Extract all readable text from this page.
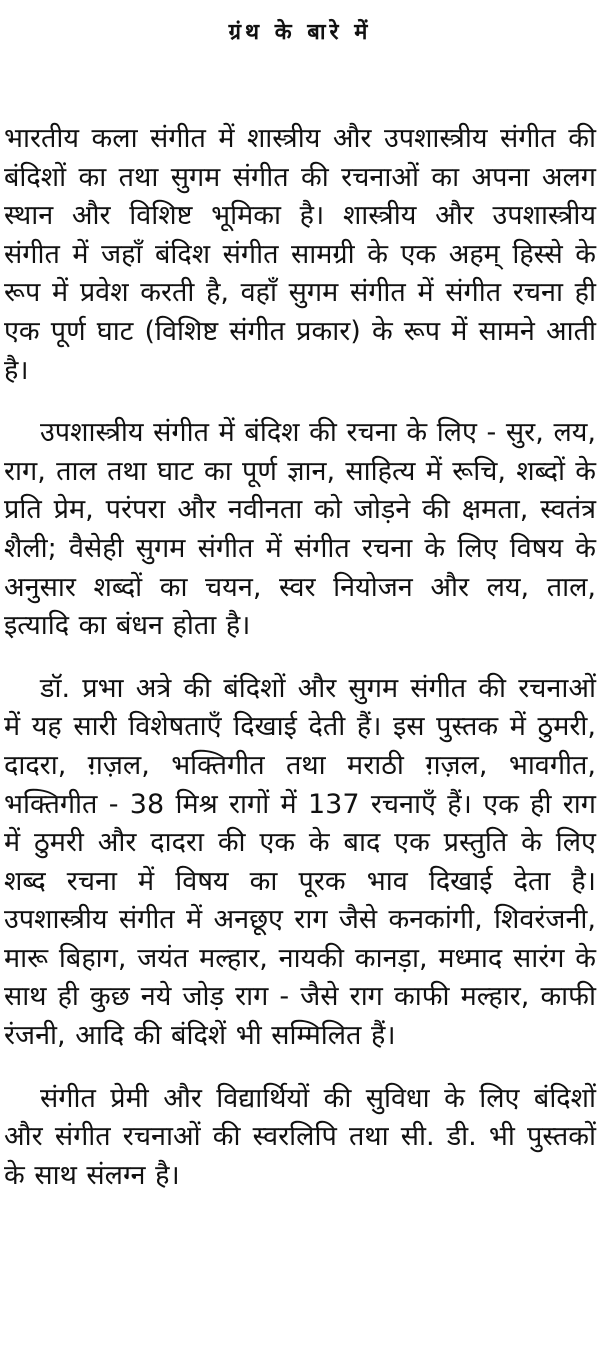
ग्रंथ के बारे में

भारतीय कला संगीत में शास्त्रीय और उपशास्त्रीय संगीत की बंदिशों का तथा सुगम संगीत की रचनाओं का अपना अलग स्थान और विशिष्ट भूमिका है। शास्त्रीय और उपशास्त्रीय संगीत में जहाँ बंदिश संगीत सामग्री के एक अहम् हिस्से के रूप में प्रवेश करती है, वहाँ सुगम संगीत में संगीत रचना ही एक पूर्ण घाट (विशिष्ट संगीत प्रकार) के रूप में सामने आती है।

उपशास्त्रीय संगीत में बंदिश की रचना के लिए - सुर, लय, राग, ताल तथा घाट का पूर्ण ज्ञान, साहित्य में रूचि, शब्दों के प्रति प्रेम, परंपरा और नवीनता को जोड़ने की क्षमता, स्वतंत्र शैली; वैसेही सुगम संगीत में संगीत रचना के लिए विषय के अनुसार शब्दों का चयन, स्वर नियोजन और लय, ताल, इत्यादि का बंधन होता है।

डॉ. प्रभा अत्रे की बंदिशों और सुगम संगीत की रचनाओं में यह सारी विशेषताएँ दिखाई देती हैं। इस पुस्तक में ठुमरी, दादरा, ग़ज़ल, भक्तिगीत तथा मराठी ग़ज़ल, भावगीत, भक्तिगीत - 38 मिश्र रागों में 137 रचनाएँ हैं। एक ही राग में ठुमरी और दादरा की एक के बाद एक प्रस्तुति के लिए शब्द रचना में विषय का पूरक भाव दिखाई देता है। उपशास्त्रीय संगीत में अनछूए राग जैसे कनकांगी, शिवरंजनी, मारू बिहाग, जयंत मल्हार, नायकी कानड़ा, मध्माद सारंग के साथ ही कुछ नये जोड़ राग - जैसे राग काफी मल्हार, काफी रंजनी, आदि की बंदिशें भी सम्मिलित हैं।

संगीत प्रेमी और विद्यार्थियों की सुविधा के लिए बंदिशों और संगीत रचनाओं की स्वरलिपि तथा सी. डी. भी पुस्तकों के साथ संलग्न है।
